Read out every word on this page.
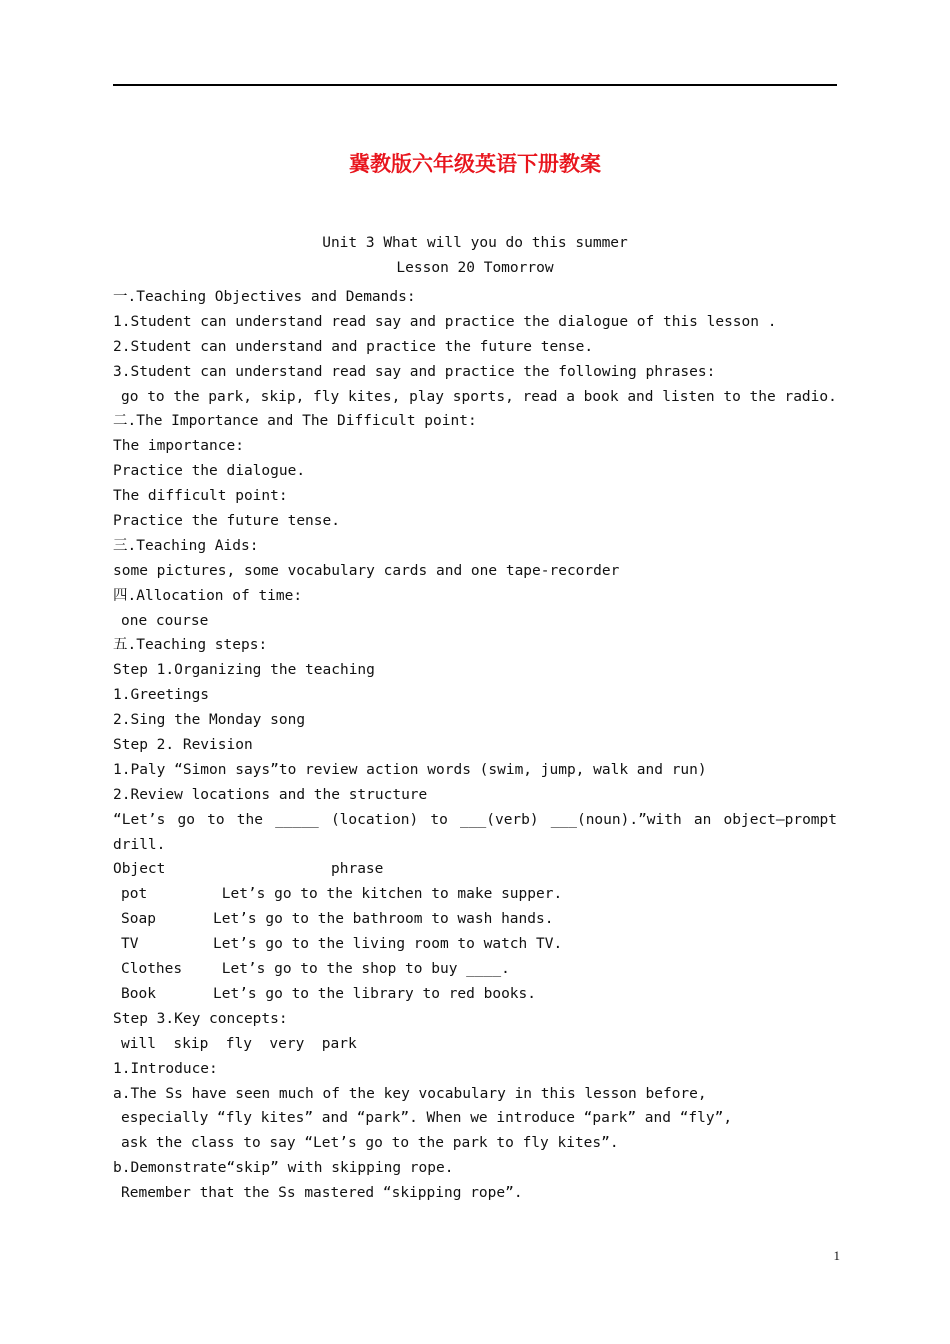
冀教版六年级英语下册教案
Unit 3 What will you do this summer
Lesson 20 Tomorrow
一.Teaching Objectives and Demands:
1.Student can understand read say and practice the dialogue of this lesson .
2.Student can understand and practice the future tense.
3.Student can understand read say and practice the following phrases:
go to the park, skip, fly kites, play sports, read a book and listen to the radio.
二.The Importance and The Difficult point:
The importance:
Practice the dialogue.
The difficult point:
Practice the future tense.
三.Teaching Aids:
some pictures, some vocabulary cards and one tape-recorder
四.Allocation of time:
one course
五.Teaching steps:
Step 1.Organizing the teaching
1.Greetings
2.Sing the Monday song
Step 2. Revision
1.Paly “Simon says”to review action words (swim, jump, walk and run)
2.Review locations and the structure
“Let’s go to the _____ (location) to ___(verb) ___(noun).”with an object—prompt
drill.
Object	phrase
pot	Let’s go to the kitchen to make supper.
Soap	Let’s go to the bathroom to wash hands.
TV	Let’s go to the living room to watch TV.
Clothes	Let’s go to the shop to buy ____.
Book	Let’s go to the library to red books.
Step 3.Key concepts:
will  skip  fly  very  park
1.Introduce:
a.The Ss have seen much of the key vocabulary in this lesson before,
especially “fly kites” and “park”. When we introduce “park” and “fly”,
ask the class to say “Let’s go to the park to fly kites”.
b.Demonstrate“skip” with skipping rope.
Remember that the Ss mastered “skipping rope”.
1
